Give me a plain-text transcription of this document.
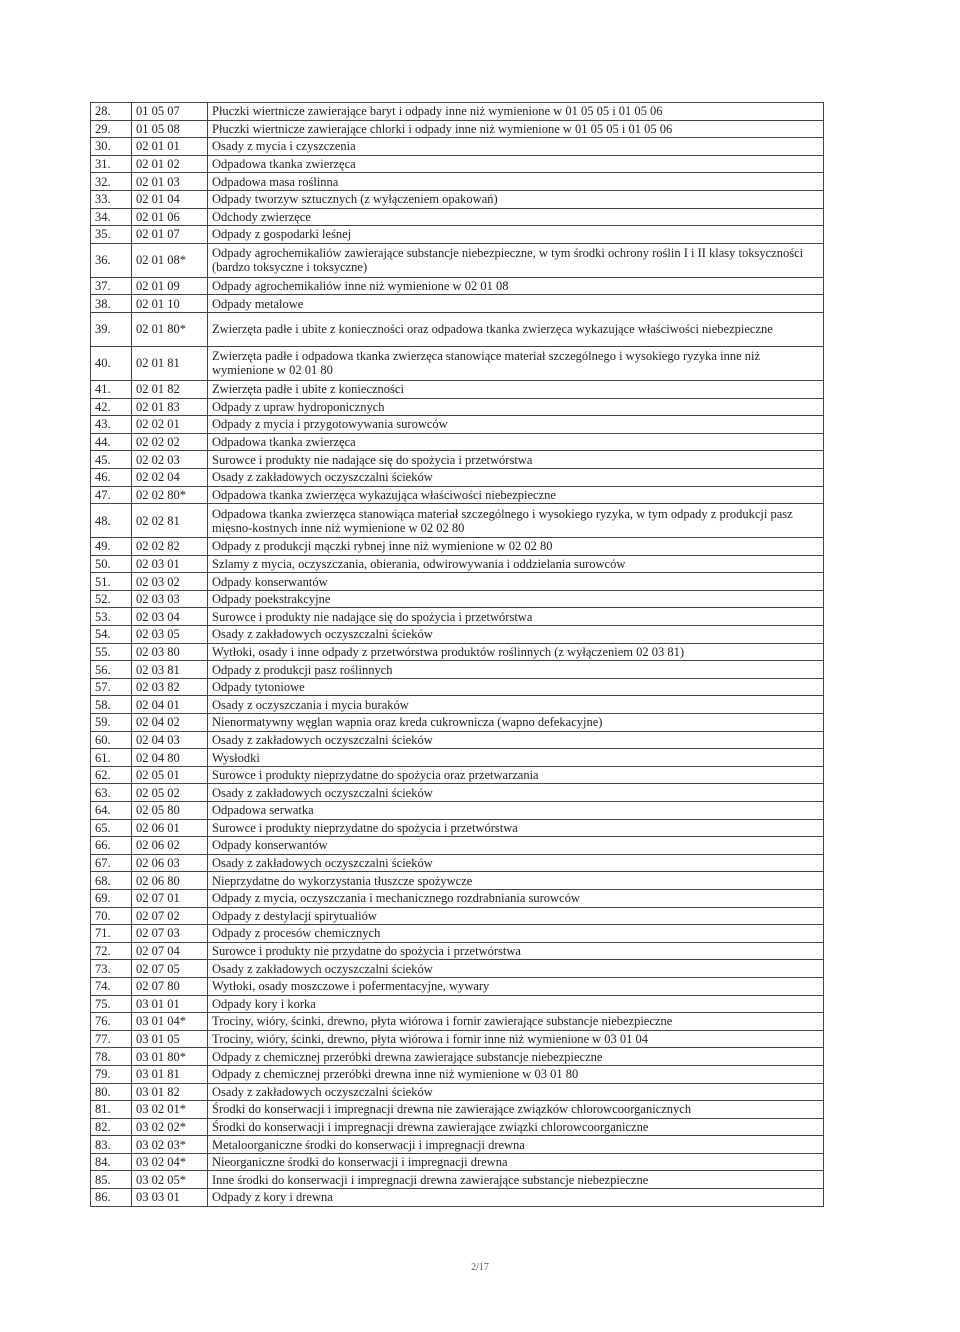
28.	01 05 07	Płuczki wiertnicze zawierające baryt i odpady inne niż wymienione w 01 05 05 i 01 05 06
29.	01 05 08	Płuczki wiertnicze zawierające chlorki i odpady inne niż wymienione w 01 05 05 i 01 05 06
30.	02 01 01	Osady z mycia i czyszczenia
31.	02 01 02	Odpadowa tkanka zwierzęca
32.	02 01 03	Odpadowa masa roślinna
33.	02 01 04	Odpady tworzyw sztucznych (z wyłączeniem opakowań)
34.	02 01 06	Odchody zwierzęce
35.	02 01 07	Odpady z gospodarki leśnej
36.	02 01 08*	Odpady agrochemikaliów zawierające substancje niebezpieczne, w tym środki ochrony roślin I i II klasy toksyczności (bardzo toksyczne i toksyczne)
37.	02 01 09	Odpady agrochemikaliów inne niż wymienione w 02 01 08
38.	02 01 10	Odpady metalowe
39.	02 01 80*	Zwierzęta padłe i ubite z konieczności oraz odpadowa tkanka zwierzęca wykazujące właściwości niebezpieczne
40.	02 01 81	Zwierzęta padłe i odpadowa tkanka zwierzęca stanowiące materiał szczególnego i wysokiego ryzyka inne niż wymienione w 02 01 80
41.	02 01 82	Zwierzęta padłe i ubite z konieczności
42.	02 01 83	Odpady z upraw hydroponicznych
43.	02 02 01	Odpady z mycia i przygotowywania surowców
44.	02 02 02	Odpadowa tkanka zwierzęca
45.	02 02 03	Surowce i produkty nie nadające się do spożycia i przetwórstwa
46.	02 02 04	Osady z zakładowych oczyszczalni ścieków
47.	02 02 80*	Odpadowa tkanka zwierzęca wykazująca właściwości niebezpieczne
48.	02 02 81	Odpadowa tkanka zwierzęca stanowiąca materiał szczególnego i wysokiego ryzyka, w tym odpady z produkcji pasz mięsno-kostnych inne niż wymienione w 02 02 80
49.	02 02 82	Odpady z produkcji mączki rybnej inne niż wymienione w 02 02 80
50.	02 03 01	Szlamy z mycia, oczyszczania, obierania, odwirowywania i oddzielania surowców
51.	02 03 02	Odpady konserwantów
52.	02 03 03	Odpady poekstrakcyjne
53.	02 03 04	Surowce i produkty nie nadające się do spożycia i przetwórstwa
54.	02 03 05	Osady z zakładowych oczyszczalni ścieków
55.	02 03 80	Wytłoki, osady i inne odpady z przetwórstwa produktów roślinnych (z wyłączeniem 02 03 81)
56.	02 03 81	Odpady z produkcji pasz roślinnych
57.	02 03 82	Odpady tytoniowe
58.	02 04 01	Osady z oczyszczania i mycia buraków
59.	02 04 02	Nienormatywny węglan wapnia oraz kreda cukrownicza (wapno defekacyjne)
60.	02 04 03	Osady z zakładowych oczyszczalni ścieków
61.	02 04 80	Wysłodki
62.	02 05 01	Surowce i produkty nieprzydatne do spożycia oraz przetwarzania
63.	02 05 02	Osady z zakładowych oczyszczalni ścieków
64.	02 05 80	Odpadowa serwatka
65.	02 06 01	Surowce i produkty nieprzydatne do spożycia i przetwórstwa
66.	02 06 02	Odpady konserwantów
67.	02 06 03	Osady z zakładowych oczyszczalni ścieków
68.	02 06 80	Nieprzydatne do wykorzystania tłuszcze spożywcze
69.	02 07 01	Odpady z mycia, oczyszczania i mechanicznego rozdrabniania surowców
70.	02 07 02	Odpady z destylacji spirytualiów
71.	02 07 03	Odpady z procesów chemicznych
72.	02 07 04	Surowce i produkty nie przydatne do spożycia i przetwórstwa
73.	02 07 05	Osady z zakładowych oczyszczalni ścieków
74.	02 07 80	Wytłoki, osady moszczowe i pofermentacyjne, wywary
75.	03 01 01	Odpady kory i korka
76.	03 01 04*	Trociny, wióry, ścinki, drewno, płyta wiórowa i fornir zawierające substancje niebezpieczne
77.	03 01 05	Trociny, wióry, ścinki, drewno, płyta wiórowa i fornir inne niż wymienione w 03 01 04
78.	03 01 80*	Odpady z chemicznej przeróbki drewna zawierające substancje niebezpieczne
79.	03 01 81	Odpady z chemicznej przeróbki drewna inne niż wymienione w 03 01 80
80.	03 01 82	Osady z zakładowych oczyszczalni ścieków
81.	03 02 01*	Środki do konserwacji i impregnacji drewna nie zawierające związków chlorowcoorganicznych
82.	03 02 02*	Środki do konserwacji i impregnacji drewna zawierające związki chlorowcoorganiczne
83.	03 02 03*	Metaloorganiczne środki do konserwacji i impregnacji drewna
84.	03 02 04*	Nieorganiczne środki do konserwacji i impregnacji drewna
85.	03 02 05*	Inne środki do konserwacji i impregnacji drewna zawierające substancje niebezpieczne
86.	03 03 01	Odpady z kory i drewna
2/17
